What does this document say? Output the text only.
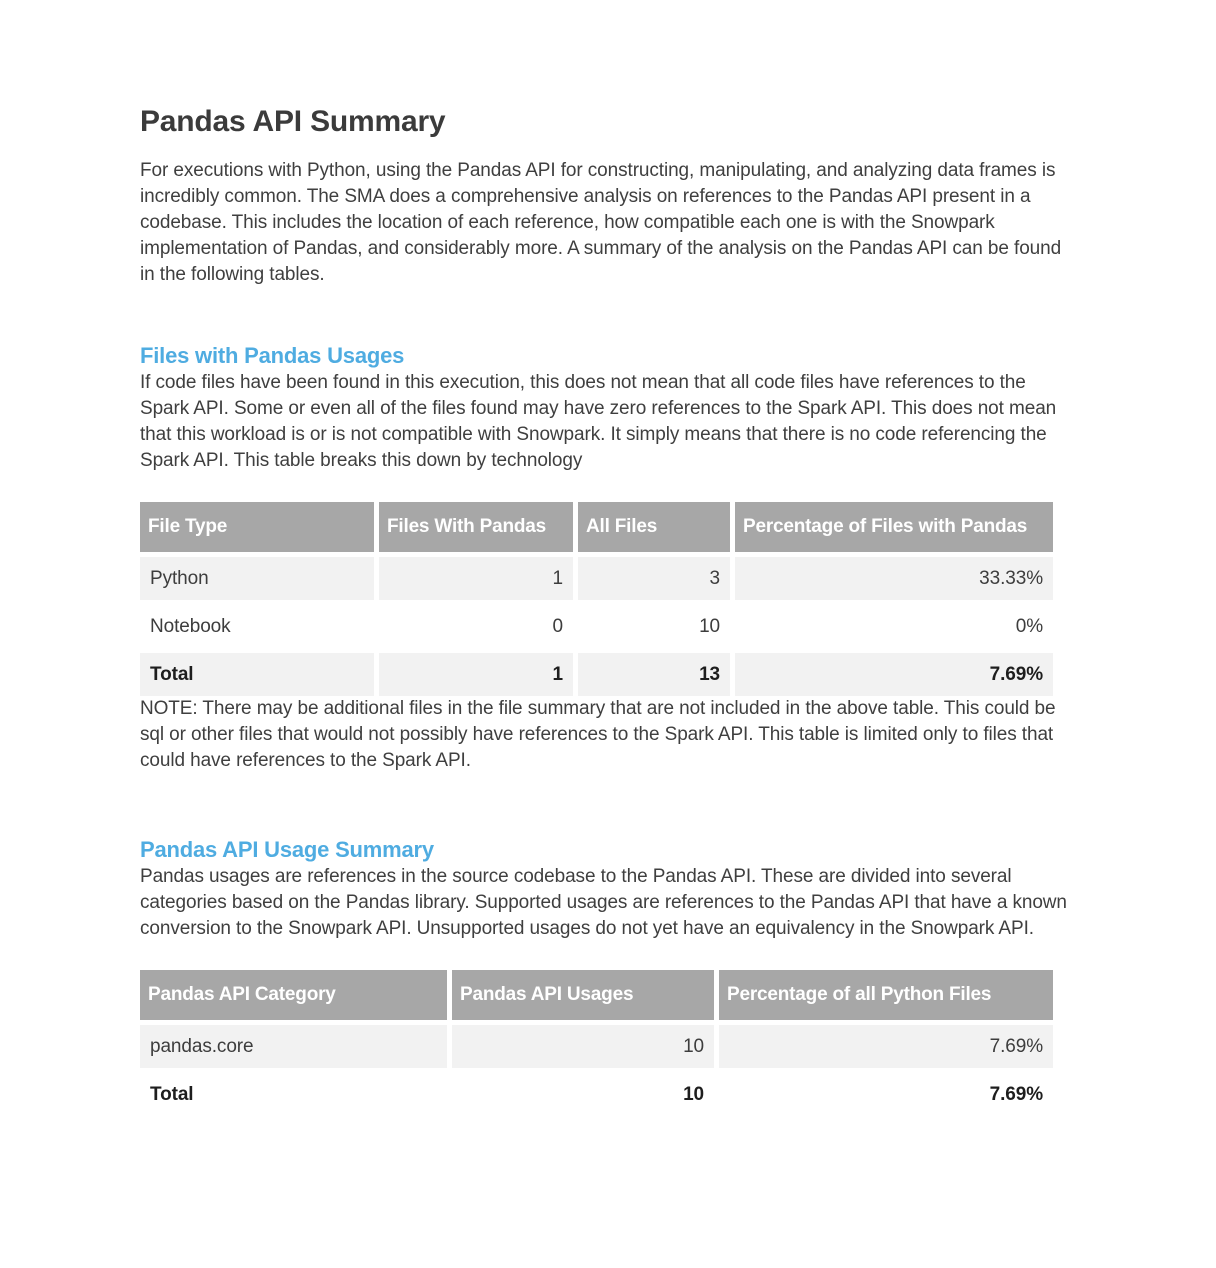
Pandas API Summary

For executions with Python, using the Pandas API for constructing, manipulating, and analyzing data frames is incredibly common. The SMA does a comprehensive analysis on references to the Pandas API present in a codebase. This includes the location of each reference, how compatible each one is with the Snowpark implementation of Pandas, and considerably more. A summary of the analysis on the Pandas API can be found in the following tables.

Files with Pandas Usages

If code files have been found in this execution, this does not mean that all code files have references to the Spark API. Some or even all of the files found may have zero references to the Spark API. This does not mean that this workload is or is not compatible with Snowpark. It simply means that there is no code referencing the Spark API. This table breaks this down by technology

File Type	Files With Pandas	All Files	Percentage of Files with Pandas
Python	1	3	33.33%
Notebook	0	10	0%
Total	1	13	7.69%

NOTE: There may be additional files in the file summary that are not included in the above table. This could be sql or other files that would not possibly have references to the Spark API. This table is limited only to files that could have references to the Spark API.

Pandas API Usage Summary

Pandas usages are references in the source codebase to the Pandas API. These are divided into several categories based on the Pandas library. Supported usages are references to the Pandas API that have a known conversion to the Snowpark API. Unsupported usages do not yet have an equivalency in the Snowpark API.

Pandas API Category	Pandas API Usages	Percentage of all Python Files
pandas.core	10	7.69%
Total	10	7.69%
